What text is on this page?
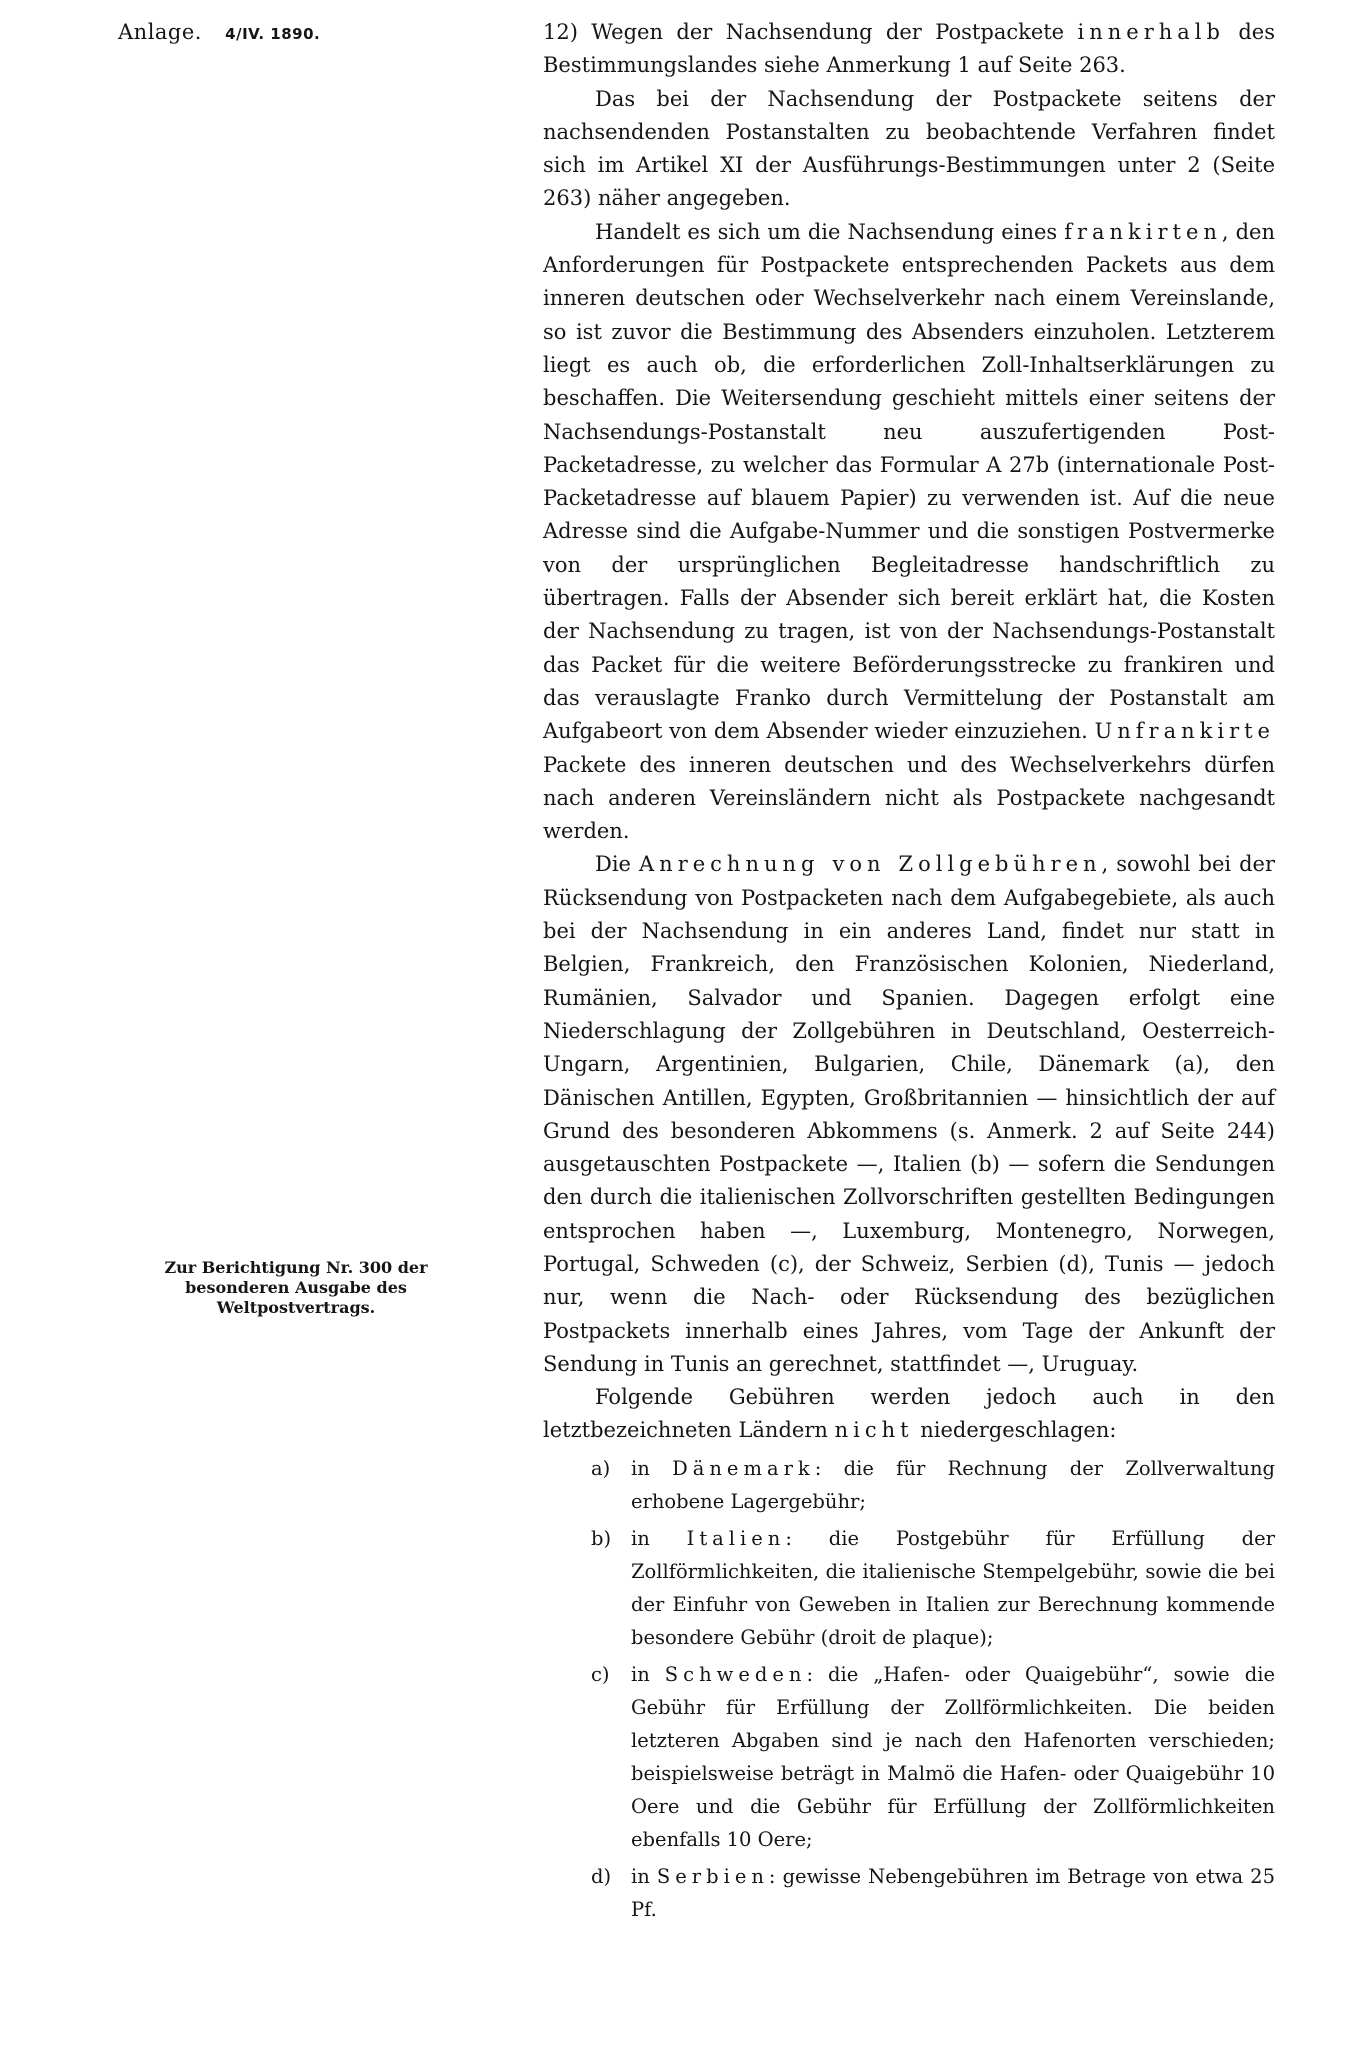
Anlage. 4/IV. 1890.
Zur Berichtigung Nr. 300 der besonderen Ausgabe des Weltpostvertrags.

12) Wegen der Nachsendung der Postpackete innerhalb des Bestimmungslandes siehe Anmerkung 1 auf Seite 263.

Das bei der Nachsendung der Postpackete seitens der nachsendenden Postanstalten zu beobachtende Verfahren findet sich im Artikel XI der Ausführungs-Bestimmungen unter 2 (Seite 263) näher angegeben.

Handelt es sich um die Nachsendung eines frankirten, den Anforderungen für Postpackete entsprechenden Packets aus dem inneren deutschen oder Wechselverkehr nach einem Vereinslande, so ist zuvor die Bestimmung des Absenders einzuholen. Letzterem liegt es auch ob, die erforderlichen Zoll-Inhaltserklärungen zu beschaffen. Die Weitersendung geschieht mittels einer seitens der Nachsendungs-Postanstalt neu auszufertigenden Post-Packetadresse, zu welcher das Formular A 27b (internationale Post-Packetadresse auf blauem Papier) zu verwenden ist. Auf die neue Adresse sind die Aufgabe-Nummer und die sonstigen Postvermerke von der ursprünglichen Begleitadresse handschriftlich zu übertragen. Falls der Absender sich bereit erklärt hat, die Kosten der Nachsendung zu tragen, ist von der Nachsendungs-Postanstalt das Packet für die weitere Beförderungsstrecke zu frankiren und das verauslagte Franko durch Vermittelung der Postanstalt am Aufgabeort von dem Absender wieder einzuziehen. Unfrankirte Packete des inneren deutschen und des Wechselverkehrs dürfen nach anderen Vereinsländern nicht als Postpackete nachgesandt werden.

Die Anrechnung von Zollgebühren, sowohl bei der Rücksendung von Postpacketen nach dem Aufgabegebiete, als auch bei der Nachsendung in ein anderes Land, findet nur statt in Belgien, Frankreich, den Französischen Kolonien, Niederland, Rumänien, Salvador und Spanien. Dagegen erfolgt eine Niederschlagung der Zollgebühren in Deutschland, Oesterreich-Ungarn, Argentinien, Bulgarien, Chile, Dänemark (a), den Dänischen Antillen, Egypten, Großbritannien — hinsichtlich der auf Grund des besonderen Abkommens (s. Anmerk. 2 auf Seite 244) ausgetauschten Postpackete —, Italien (b) — sofern die Sendungen den durch die italienischen Zollvorschriften gestellten Bedingungen entsprochen haben —, Luxemburg, Montenegro, Norwegen, Portugal, Schweden (c), der Schweiz, Serbien (d), Tunis — jedoch nur, wenn die Nach- oder Rücksendung des bezüglichen Postpackets innerhalb eines Jahres, vom Tage der Ankunft der Sendung in Tunis an gerechnet, stattfindet —, Uruguay.

Folgende Gebühren werden jedoch auch in den letztbezeichneten Ländern nicht niedergeschlagen:

a)	in Dänemark: die für Rechnung der Zollverwaltung erhobene Lagergebühr;
b)	in Italien: die Postgebühr für Erfüllung der Zollförmlichkeiten, die italienische Stempelgebühr, sowie die bei der Einfuhr von Geweben in Italien zur Berechnung kommende besondere Gebühr (droit de plaque);
c)	in Schweden: die „Hafen- oder Quaigebühr“, sowie die Gebühr für Erfüllung der Zollförmlichkeiten. Die beiden letzteren Abgaben sind je nach den Hafenorten verschieden; beispielsweise beträgt in Malmö die Hafen- oder Quaigebühr 10 Oere und die Gebühr für Erfüllung der Zollförmlichkeiten ebenfalls 10 Oere;
d)	in Serbien: gewisse Nebengebühren im Betrage von etwa 25 Pf.
